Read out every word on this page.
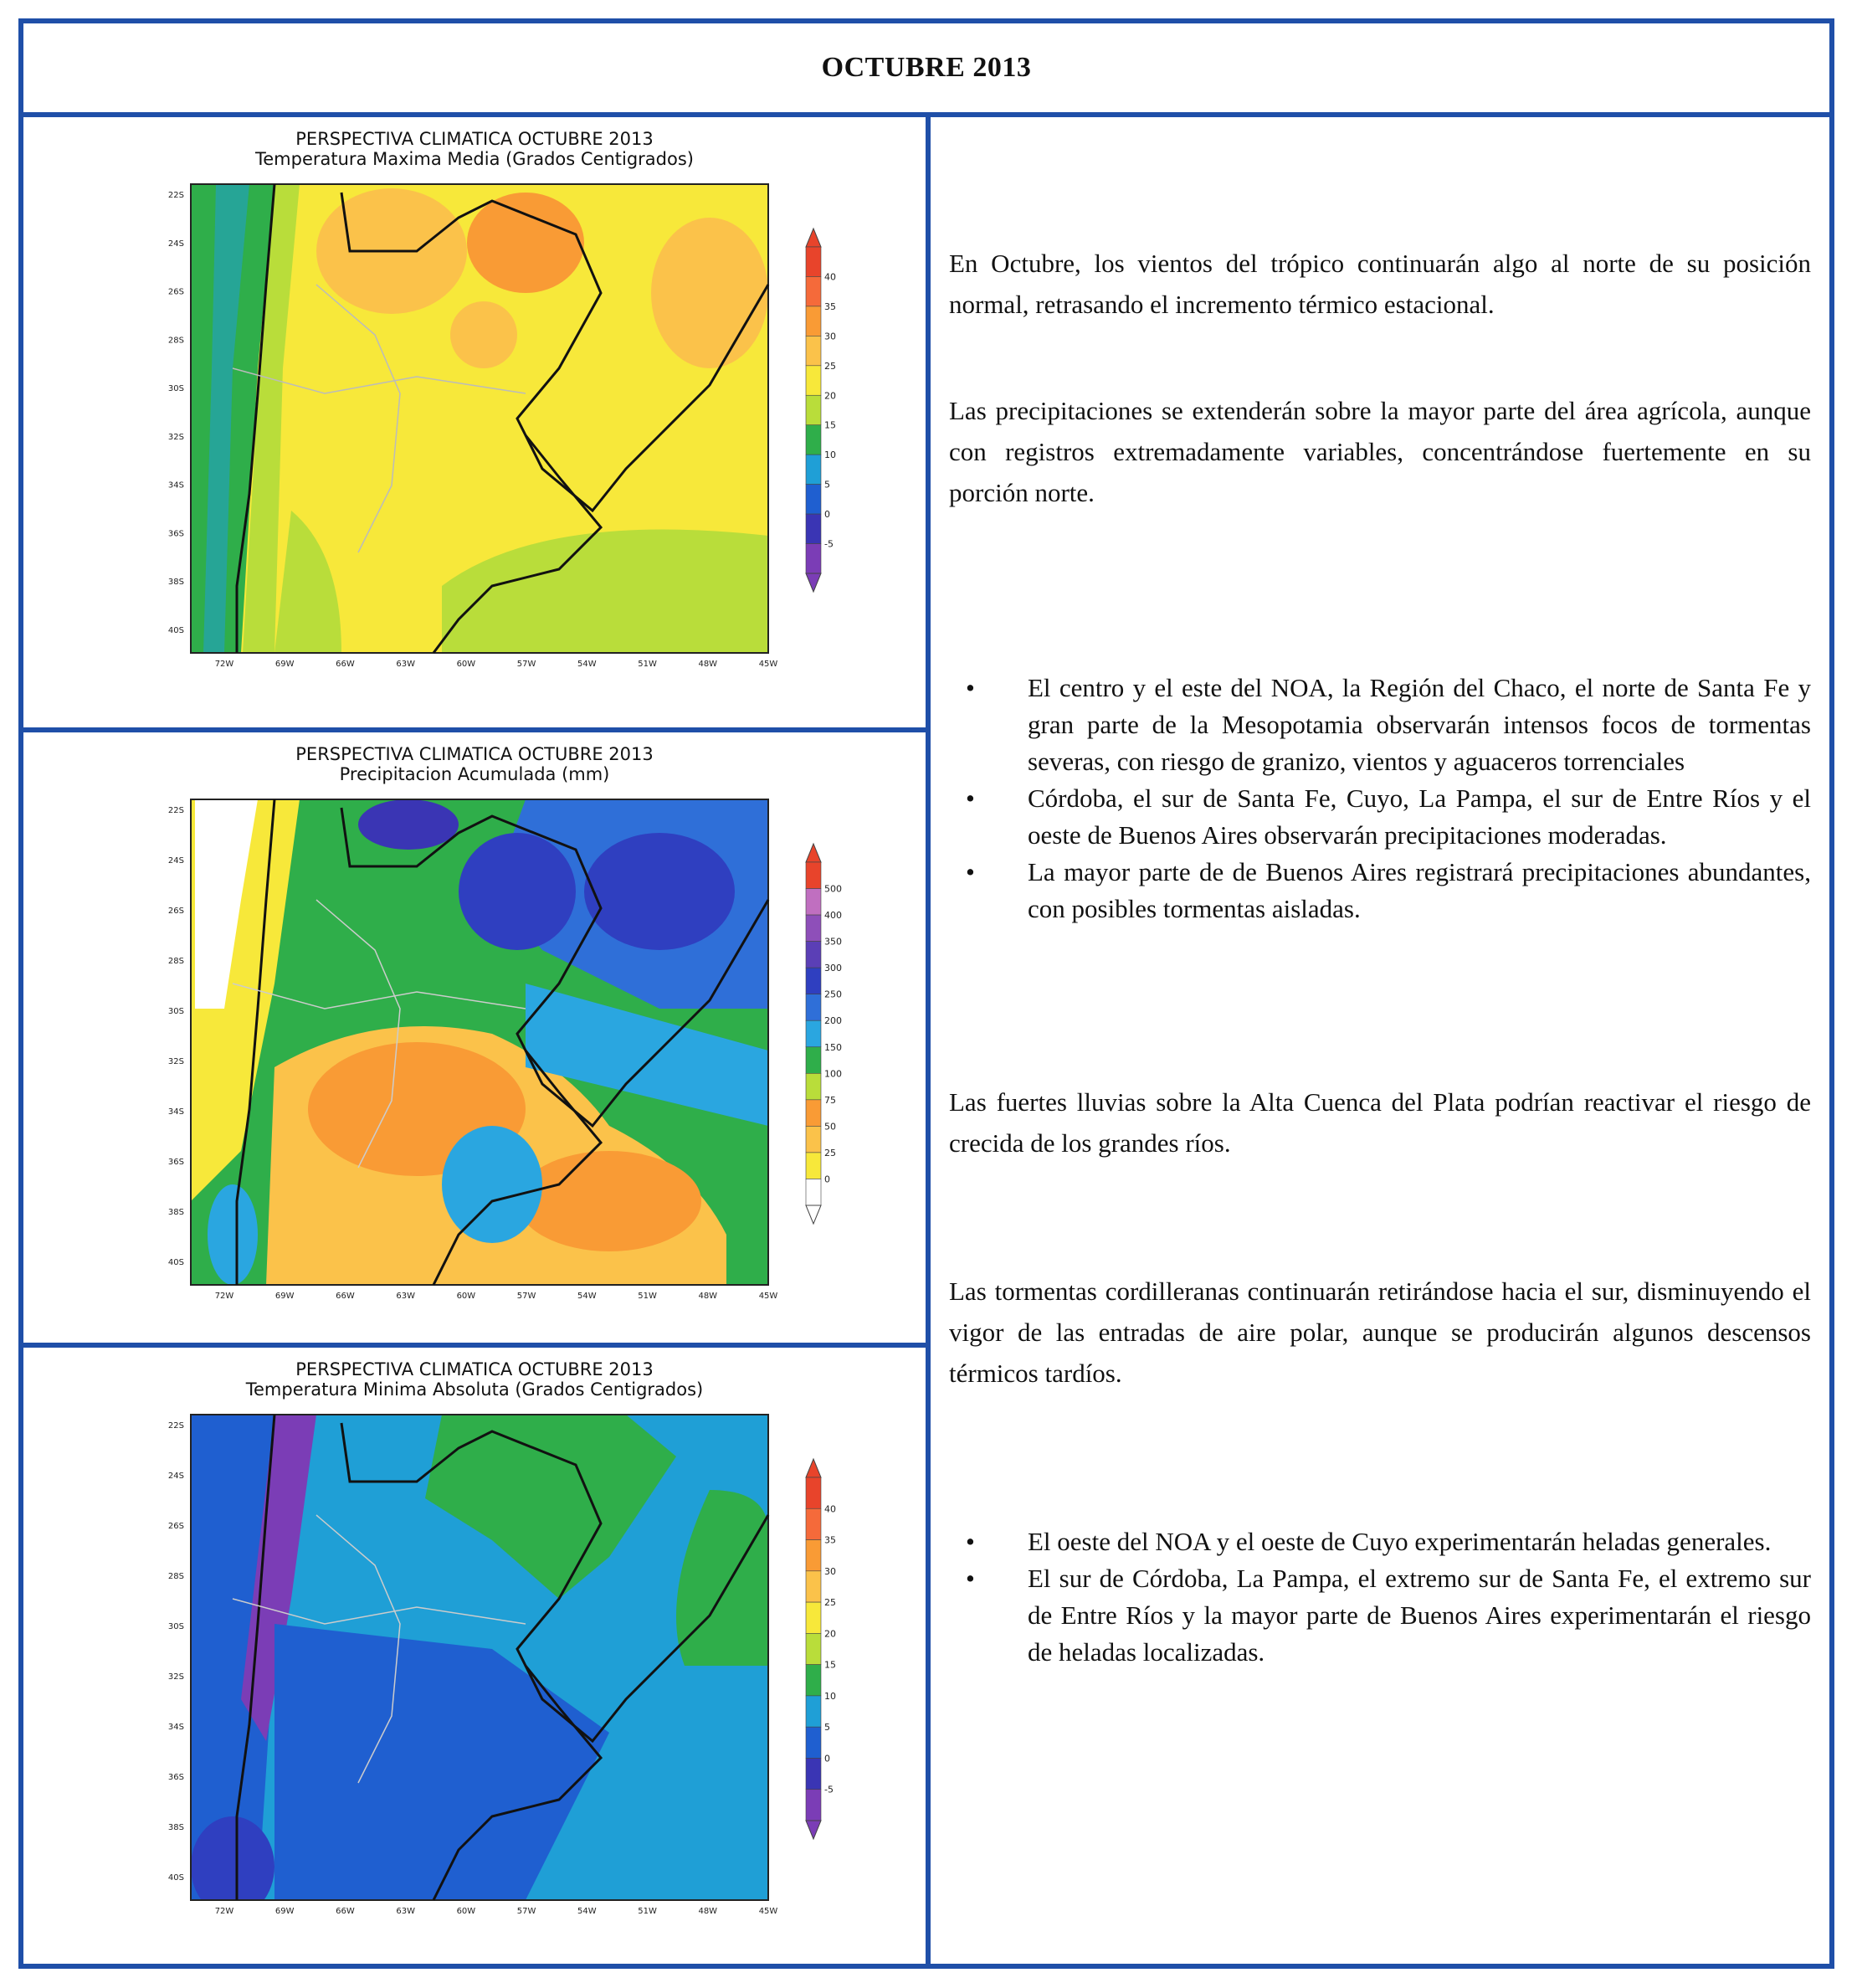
OCTUBRE 2013
PERSPECTIVA CLIMATICA OCTUBRE 2013
Temperatura Maxima Media (Grados Centigrados)
22S
24S
26S
28S
30S
32S
34S
36S
38S
40S
72W	69W	66W	63W	60W	57W	54W	51W	48W	45W
40
35
30
25
20
15
10
5
0
-5
PERSPECTIVA CLIMATICA OCTUBRE 2013
Precipitacion Acumulada (mm)
22S
24S
26S
28S
30S
32S
34S
36S
38S
40S
72W	69W	66W	63W	60W	57W	54W	51W	48W	45W
500
400
350
300
250
200
150
100
75
50
25
0
PERSPECTIVA CLIMATICA OCTUBRE 2013
Temperatura Minima Absoluta (Grados Centigrados)
22S
24S
26S
28S
30S
32S
34S
36S
38S
40S
72W	69W	66W	63W	60W	57W	54W	51W	48W	45W
40
35
30
25
20
15
10
5
0
-5
En Octubre, los vientos del trópico continuarán algo al norte de su posición normal, retrasando el incremento térmico estacional.
Las precipitaciones se extenderán sobre la mayor parte del área agrícola, aunque con registros extremadamente variables, concentrándose fuertemente en su porción norte.
• El centro y el este del NOA, la Región del Chaco, el norte de Santa Fe y gran parte de la Mesopotamia observarán intensos focos de tormentas severas, con riesgo de granizo, vientos y aguaceros torrenciales
• Córdoba, el sur de Santa Fe, Cuyo, La Pampa, el sur de Entre Ríos y el oeste de Buenos Aires observarán precipitaciones moderadas.
• La mayor parte de de Buenos Aires registrará precipitaciones abundantes, con posibles tormentas aisladas.
Las fuertes lluvias sobre la Alta Cuenca del Plata podrían reactivar el riesgo de crecida de los grandes ríos.
Las tormentas cordilleranas continuarán retirándose hacia el sur, disminuyendo el vigor de las entradas de aire polar, aunque se producirán algunos descensos térmicos tardíos.
• El oeste del NOA y el oeste de Cuyo experimentarán heladas generales.
• El sur de Córdoba, La Pampa, el extremo sur de Santa Fe, el extremo sur de Entre Ríos y la mayor parte de Buenos Aires experimentarán el riesgo de heladas localizadas.
